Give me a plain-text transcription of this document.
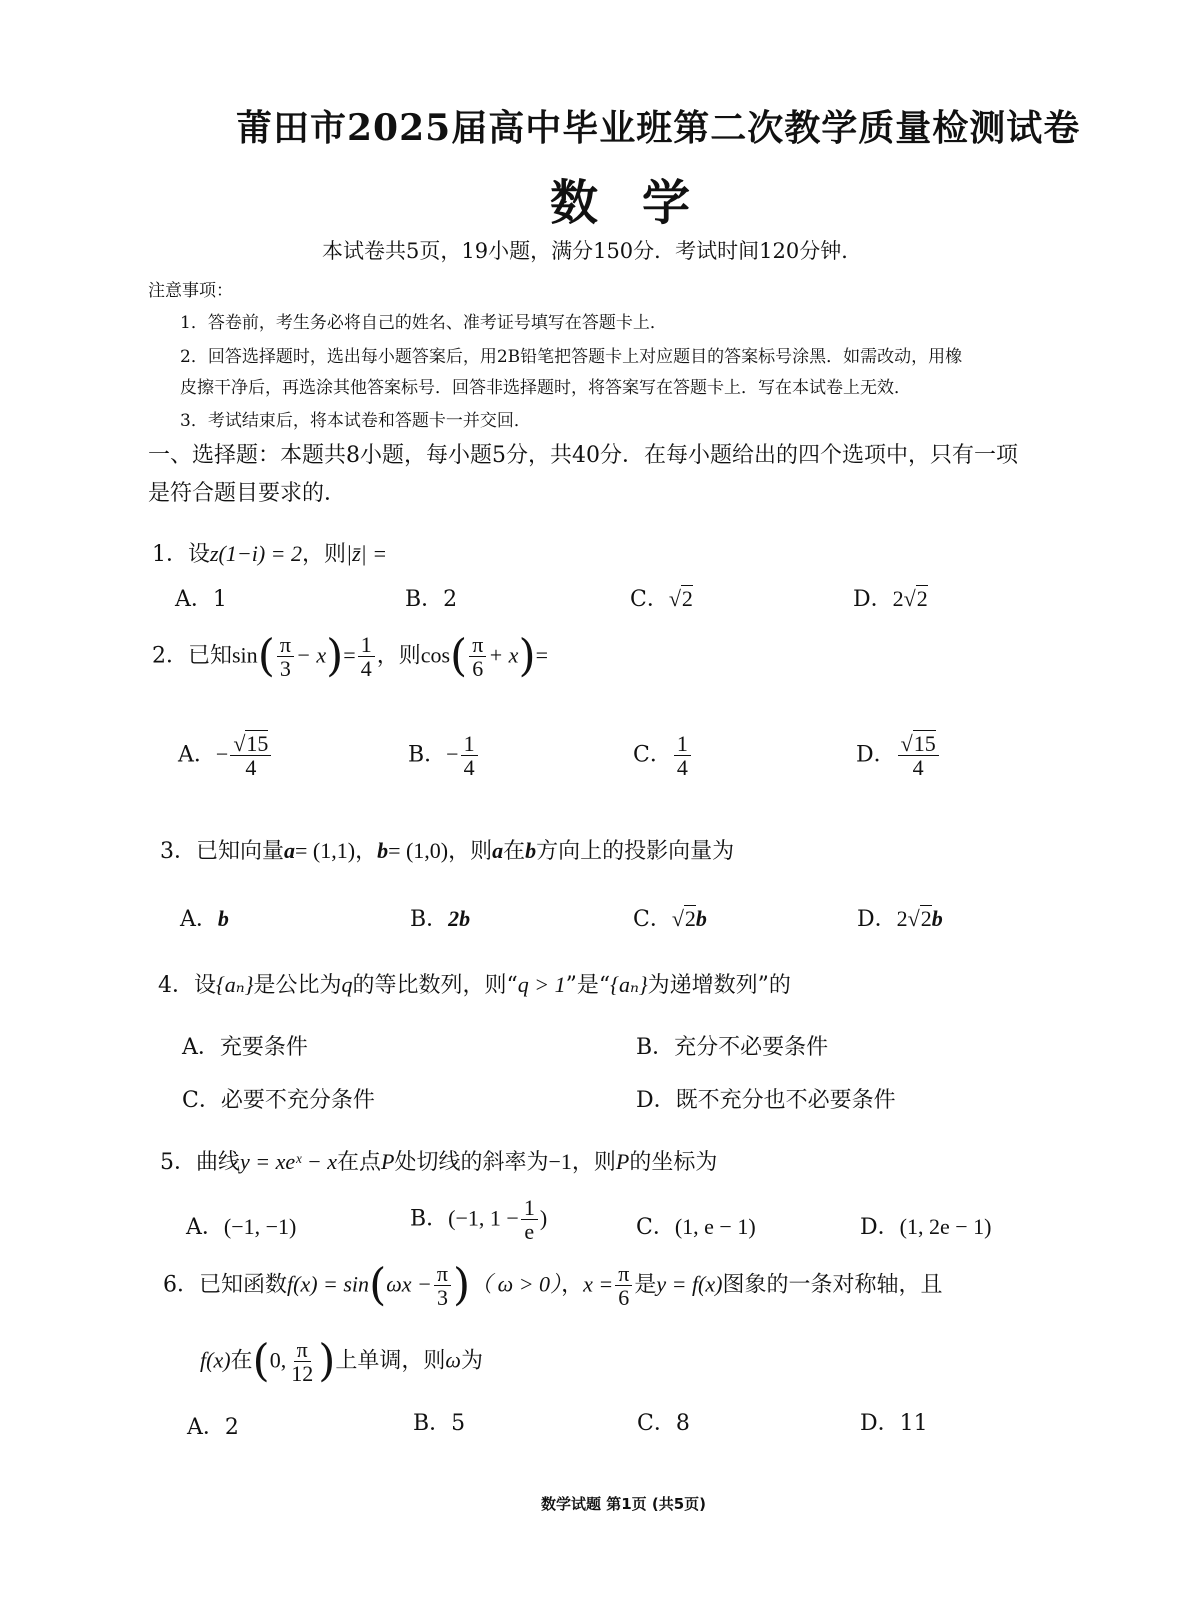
莆田市2025届高中毕业班第二次教学质量检测试卷
数学
本试卷共5页，19小题，满分150分．考试时间120分钟．
注意事项：
1．答卷前，考生务必将自己的姓名、准考证号填写在答题卡上．
2．回答选择题时，选出每小题答案后，用2B铅笔把答题卡上对应题目的答案标号涂黑．如需改动，用橡
皮擦干净后，再选涂其他答案标号．回答非选择题时，将答案写在答题卡上．写在本试卷上无效．
3．考试结束后，将本试卷和答题卡一并交回．
一、选择题：本题共8小题，每小题5分，共40分．在每小题给出的四个选项中，只有一项
是符合题目要求的．
1．设z(1−i) = 2，则|z̄| =
A．1	B．2	C．√2	D．2√2
2．已知$\sin( \frac{\pi}{3} - x)= \frac{1}{4}$ ，则$\cos( \frac{\pi}{6} + x)=$
A．− $\frac{√15}{4}$	B．− $\frac{1}{4}$	C． $\frac{1}{4}$	D． $\frac{√15}{4}$
3．已知向量a= (1,1)，b= (1,0)，则a在b方向上的投影向量为
A．b	B．2b	C．√2b	D．2√2b
4．设{aₙ}是公比为q的等比数列，则“q > 1”是“{aₙ}为递增数列”的
A．充要条件	B．充分不必要条件
C．必要不充分条件	D．既不充分也不必要条件
5．曲线y = xeˣ − x在点P处切线的斜率为−1，则P的坐标为
A．(−1, −1)	B．(−1, $1 - \frac{1}{e}$ )	C．(1, e − 1)	D．(1, 2e − 1)
6．已知函数$f(x) = \sin(\omega x - \frac{\pi}{3}$ )（ ω > 0），$x = \frac{\pi}{6}$ 是y = f(x)图象的一条对称轴，且
f(x)在(0, $\frac{\pi}{12}$ )上单调，则ω为
A．2	B．5	C．8	D．11
数学试题 第1页 (共5页)
